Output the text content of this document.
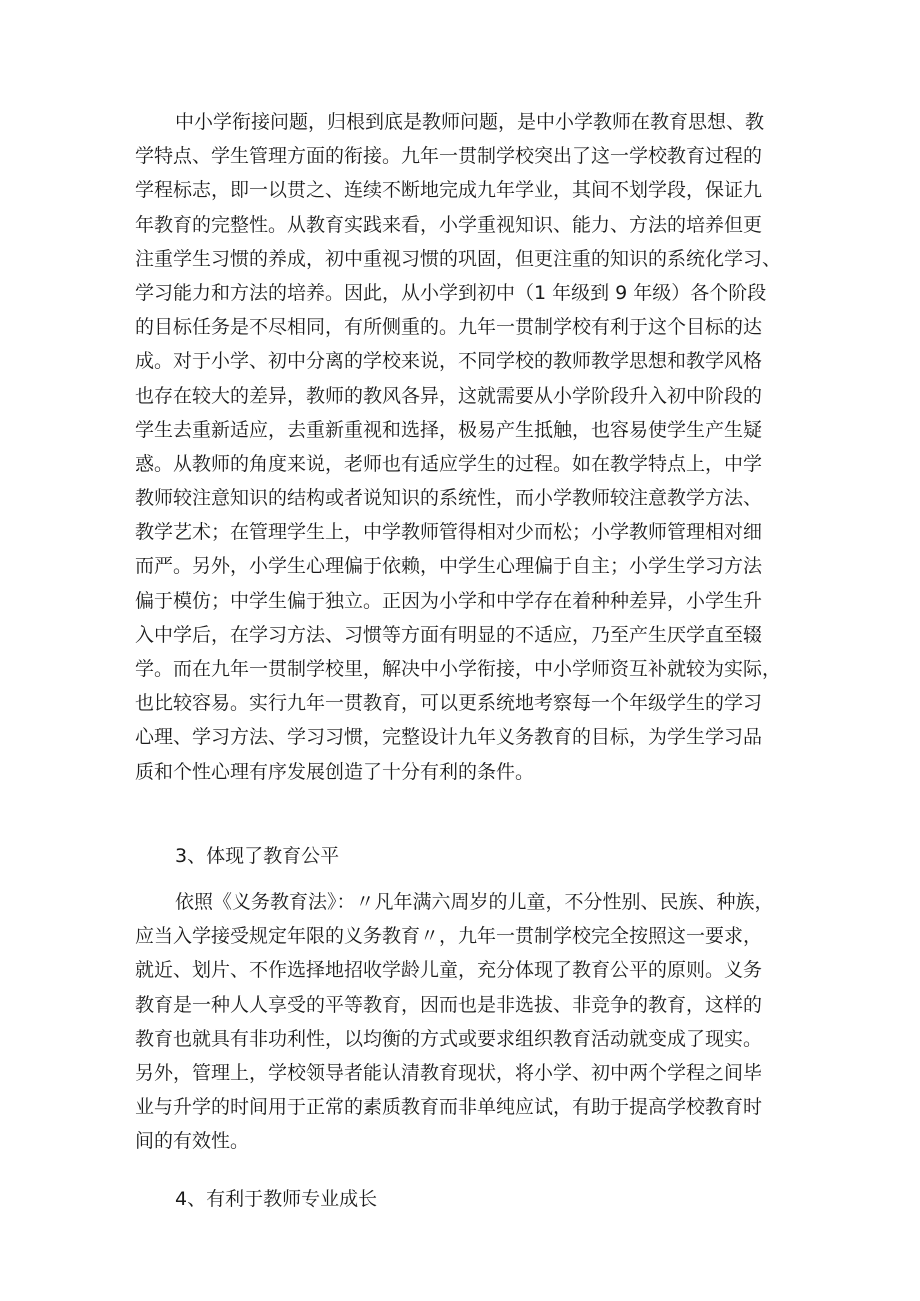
中小学衔接问题，归根到底是教师问题，是中小学教师在教育思想、教
学特点、学生管理方面的衔接。九年一贯制学校突出了这一学校教育过程的
学程标志，即一以贯之、连续不断地完成九年学业，其间不划学段，保证九
年教育的完整性。从教育实践来看，小学重视知识、能力、方法的培养但更
注重学生习惯的养成，初中重视习惯的巩固，但更注重的知识的系统化学习、
学习能力和方法的培养。因此，从小学到初中（1 年级到 9 年级）各个阶段
的目标任务是不尽相同，有所侧重的。九年一贯制学校有利于这个目标的达
成。对于小学、初中分离的学校来说，不同学校的教师教学思想和教学风格
也存在较大的差异，教师的教风各异，这就需要从小学阶段升入初中阶段的
学生去重新适应，去重新重视和选择，极易产生抵触，也容易使学生产生疑
惑。从教师的角度来说，老师也有适应学生的过程。如在教学特点上，中学
教师较注意知识的结构或者说知识的系统性，而小学教师较注意教学方法、
教学艺术；在管理学生上，中学教师管得相对少而松；小学教师管理相对细
而严。另外，小学生心理偏于依赖，中学生心理偏于自主；小学生学习方法
偏于模仿；中学生偏于独立。正因为小学和中学存在着种种差异，小学生升
入中学后，在学习方法、习惯等方面有明显的不适应，乃至产生厌学直至辍
学。而在九年一贯制学校里，解决中小学衔接，中小学师资互补就较为实际，
也比较容易。实行九年一贯教育，可以更系统地考察每一个年级学生的学习
心理、学习方法、学习习惯，完整设计九年义务教育的目标，为学生学习品
质和个性心理有序发展创造了十分有利的条件。
3、体现了教育公平
依照《义务教育法》：〃凡年满六周岁的儿童，不分性别、民族、种族，
应当入学接受规定年限的义务教育〃，九年一贯制学校完全按照这一要求，
就近、划片、不作选择地招收学龄儿童，充分体现了教育公平的原则。义务
教育是一种人人享受的平等教育，因而也是非选拔、非竞争的教育，这样的
教育也就具有非功利性，以均衡的方式或要求组织教育活动就变成了现实。
另外，管理上，学校领导者能认清教育现状，将小学、初中两个学程之间毕
业与升学的时间用于正常的素质教育而非单纯应试，有助于提高学校教育时
间的有效性。
4、有利于教师专业成长
